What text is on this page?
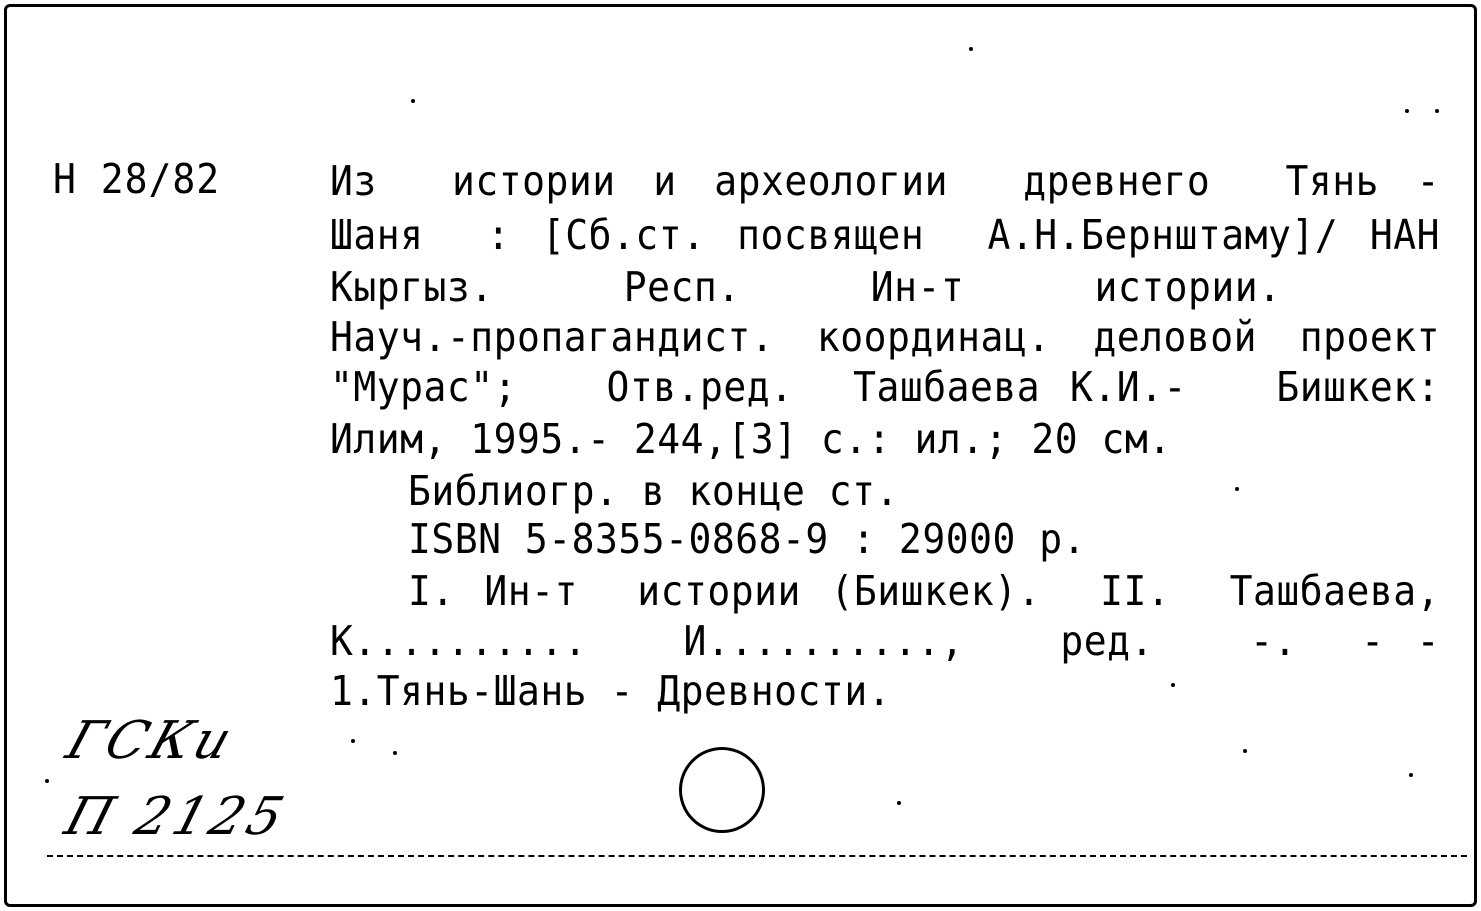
Н 28/82	Из  истории и археологии  древнего  Тянь -
Шаня  : [Сб.ст. посвящен  А.Н.Бернштаму]/ НАН
Кыргыз.   Респ.   Ин-т   истории.
Науч.-пропагандист. координац. деловой проект
"Мурас";   Отв.ред.  Ташбаева К.И.-   Бишкек:
Илим, 1995.- 244,[3] с.: ил.; 20 см.
Библиогр. в конце ст.
ISBN 5-8355-0868-9 : 29000 р.
I. Ин-т  истории (Бишкек).  II.  Ташбаева,
К..........   И..........,   ред.   -.  - -
1.Тянь-Шань - Древности.
ГСКи
П 2125
